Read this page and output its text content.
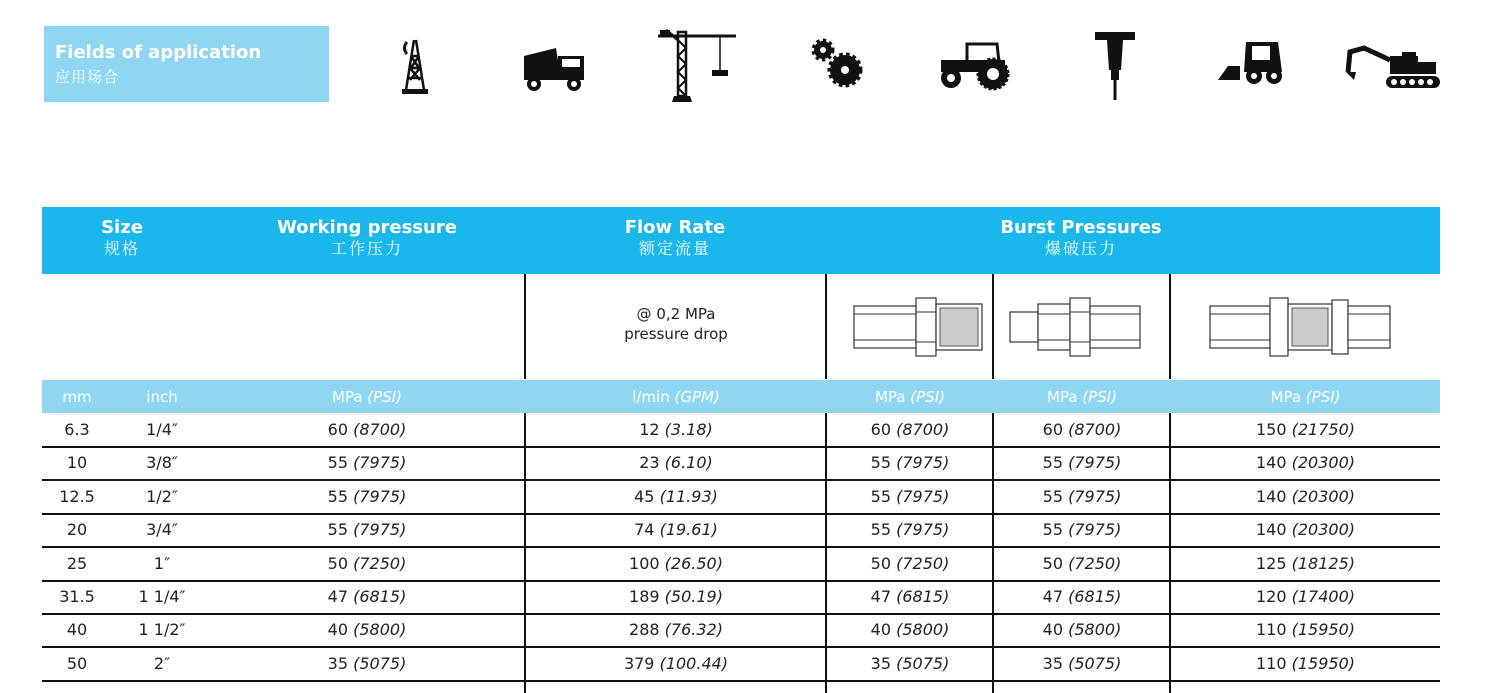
Fields of application
应用场合
Size
规格
Working pressure
工作压力
Flow Rate
额定流量
Burst Pressures
爆破压力
@ 0,2 MPa
pressure drop
mm	inch	MPa (PSI)	l/min (GPM)	MPa (PSI)	MPa (PSI)	MPa (PSI)
6.3	1/4″	60 (8700)	12 (3.18)	60 (8700)	60 (8700)	150 (21750)
10	3/8″	55 (7975)	23 (6.10)	55 (7975)	55 (7975)	140 (20300)
12.5	1/2″	55 (7975)	45 (11.93)	55 (7975)	55 (7975)	140 (20300)
20	3/4″	55 (7975)	74 (19.61)	55 (7975)	55 (7975)	140 (20300)
25	1″	50 (7250)	100 (26.50)	50 (7250)	50 (7250)	125 (18125)
31.5	1 1/4″	47 (6815)	189 (50.19)	47 (6815)	47 (6815)	120 (17400)
40	1 1/2″	40 (5800)	288 (76.32)	40 (5800)	40 (5800)	110 (15950)
50	2″	35 (5075)	379 (100.44)	35 (5075)	35 (5075)	110 (15950)
